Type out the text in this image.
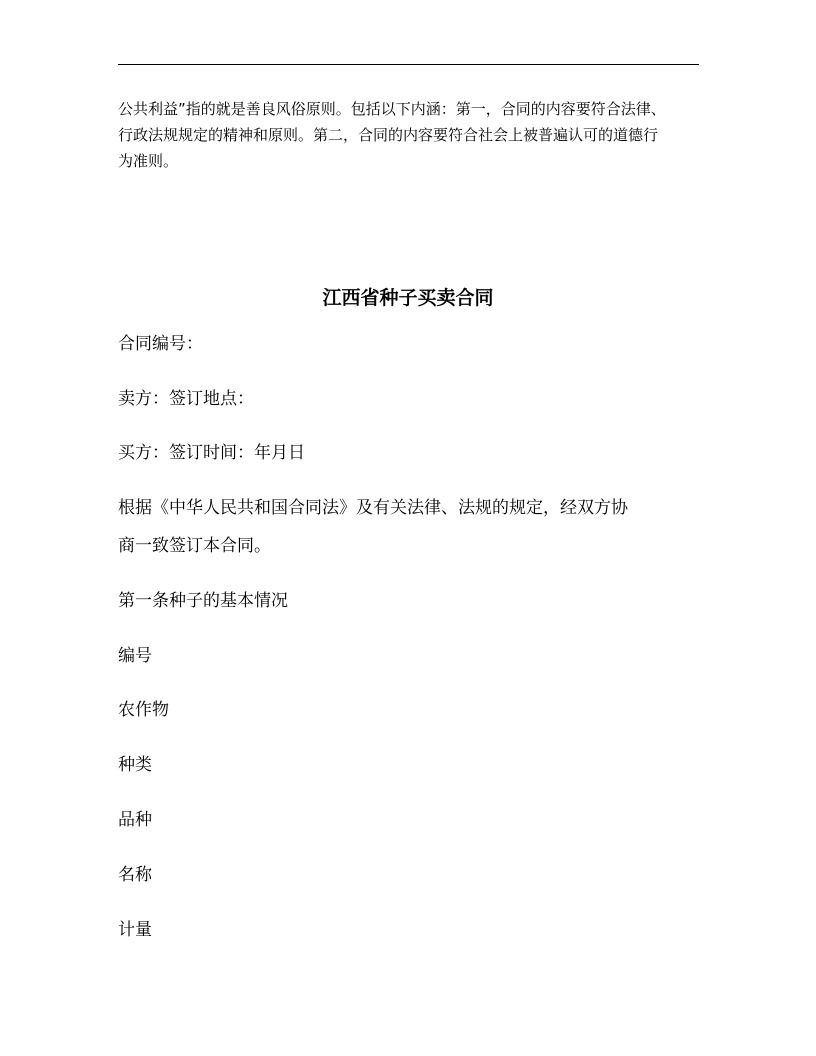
公共利益”指的就是善良风俗原则。包括以下内涵：第一，合同的内容要符合法律、
行政法规规定的精神和原则。第二，合同的内容要符合社会上被普遍认可的道德行
为准则。
江西省种子买卖合同

合同编号：

卖方：签订地点：

买方：签订时间：年月日

根据《中华人民共和国合同法》及有关法律、法规的规定，经双方协

商一致签订本合同。

第一条种子的基本情况

编号

农作物

种类

品种

名称

计量
